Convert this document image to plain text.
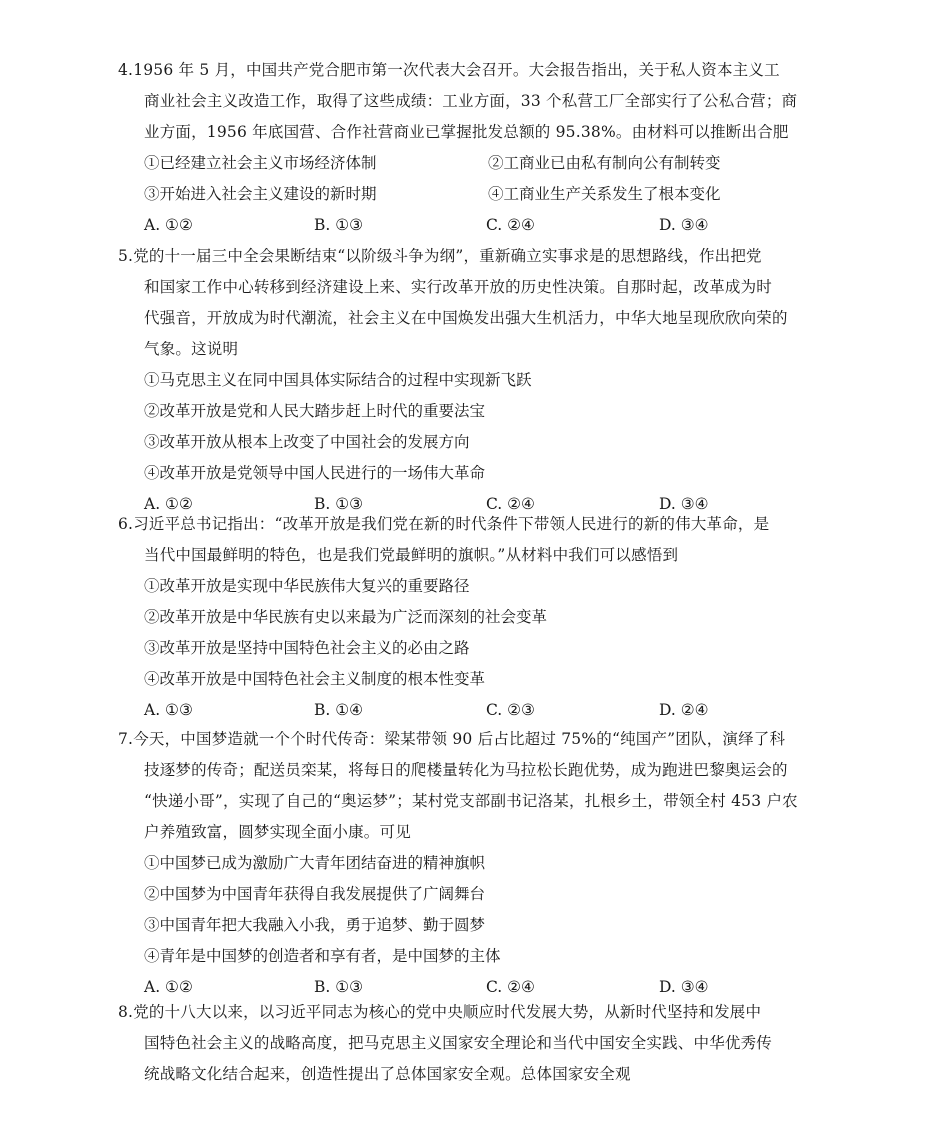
4.1956 年 5 月，中国共产党合肥市第一次代表大会召开。大会报告指出，关于私人资本主义工
商业社会主义改造工作，取得了这些成绩：工业方面，33 个私营工厂全部实行了公私合营；商
业方面，1956 年底国营、合作社营商业已掌握批发总额的 95.38%。由材料可以推断出合肥
①已经建立社会主义市场经济体制	②工商业已由私有制向公有制转变
③开始进入社会主义建设的新时期	④工商业生产关系发生了根本变化
A. ①②	B. ①③	C. ②④	D. ③④
5.党的十一届三中全会果断结束“以阶级斗争为纲”，重新确立实事求是的思想路线，作出把党
和国家工作中心转移到经济建设上来、实行改革开放的历史性决策。自那时起，改革成为时
代强音，开放成为时代潮流，社会主义在中国焕发出强大生机活力，中华大地呈现欣欣向荣的
气象。这说明
①马克思主义在同中国具体实际结合的过程中实现新飞跃
②改革开放是党和人民大踏步赶上时代的重要法宝
③改革开放从根本上改变了中国社会的发展方向
④改革开放是党领导中国人民进行的一场伟大革命
A. ①②	B. ①③	C. ②④	D. ③④
6.习近平总书记指出：“改革开放是我们党在新的时代条件下带领人民进行的新的伟大革命，是
当代中国最鲜明的特色，也是我们党最鲜明的旗帜。”从材料中我们可以感悟到
①改革开放是实现中华民族伟大复兴的重要路径
②改革开放是中华民族有史以来最为广泛而深刻的社会变革
③改革开放是坚持中国特色社会主义的必由之路
④改革开放是中国特色社会主义制度的根本性变革
A. ①③	B. ①④	C. ②③	D. ②④
7.今天，中国梦造就一个个时代传奇：梁某带领 90 后占比超过 75%的“纯国产”团队，演绎了科
技逐梦的传奇；配送员栾某，将每日的爬楼量转化为马拉松长跑优势，成为跑进巴黎奥运会的
“快递小哥”，实现了自己的“奥运梦”；某村党支部副书记洛某，扎根乡土，带领全村 453 户农
户养殖致富，圆梦实现全面小康。可见
①中国梦已成为激励广大青年团结奋进的精神旗帜
②中国梦为中国青年获得自我发展提供了广阔舞台
③中国青年把大我融入小我，勇于追梦、勤于圆梦
④青年是中国梦的创造者和享有者，是中国梦的主体
A. ①②	B. ①③	C. ②④	D. ③④
8.党的十八大以来，以习近平同志为核心的党中央顺应时代发展大势，从新时代坚持和发展中
国特色社会主义的战略高度，把马克思主义国家安全理论和当代中国安全实践、中华优秀传
统战略文化结合起来，创造性提出了总体国家安全观。总体国家安全观
